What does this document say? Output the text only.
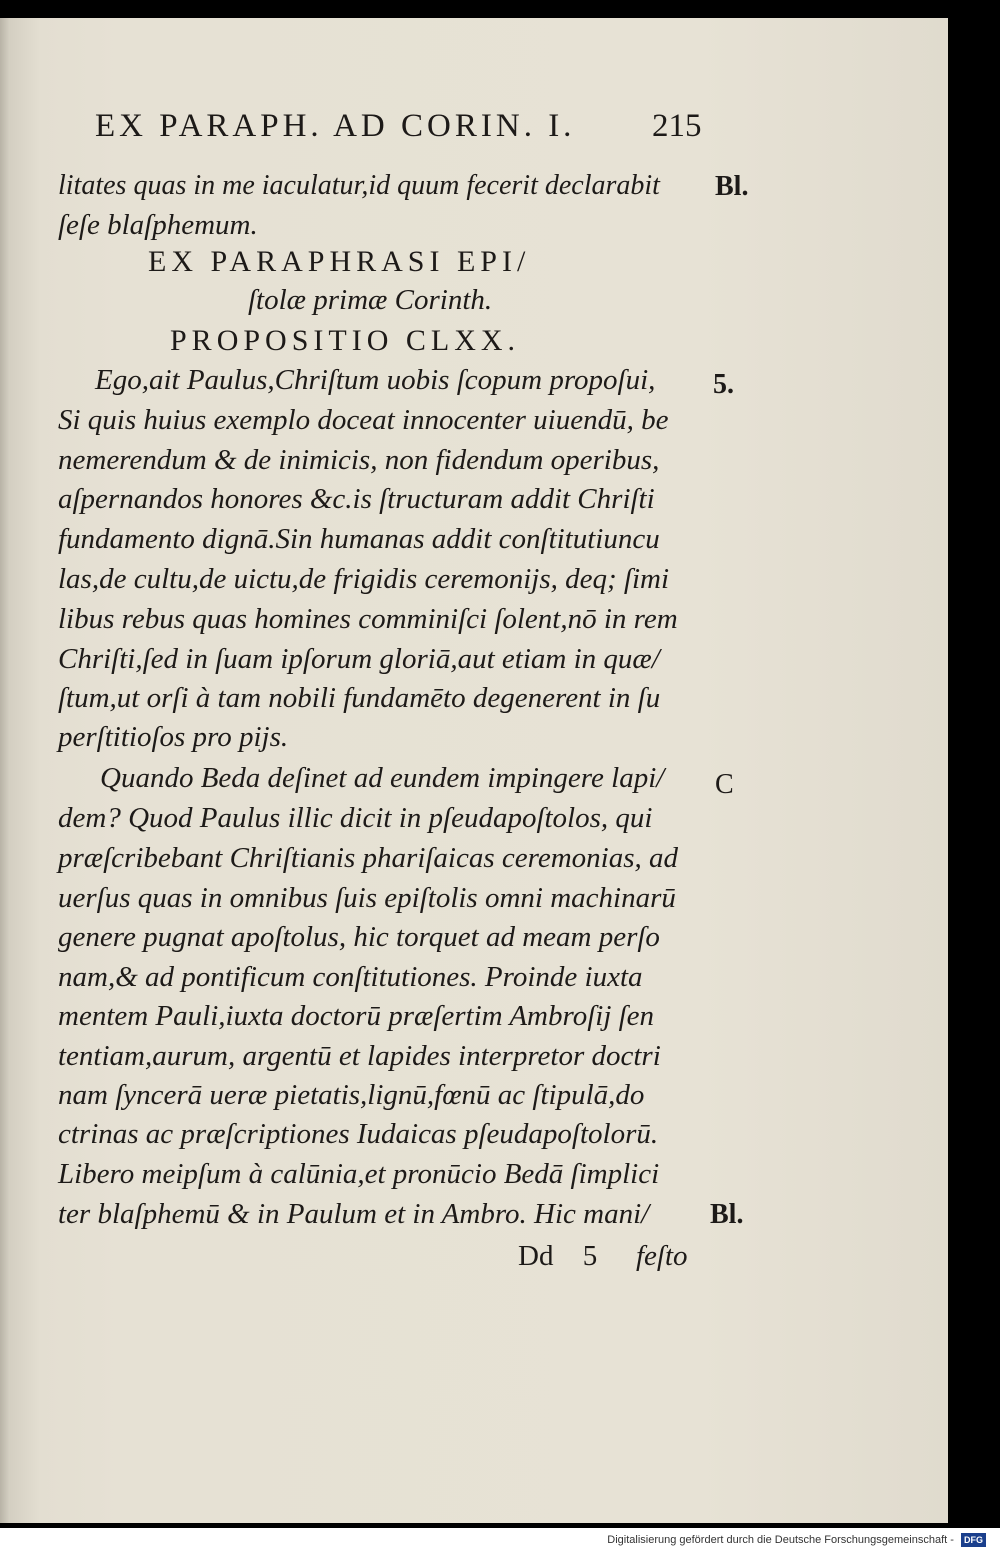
EX PARAPH. AD CORIN. I. 215
litates quas in me iaculatur,id quum fecerit declarabit
ſeſe blaſphemum.
EX PARAPHRASI EPI/
ſtolæ primæ Corinth.
PROPOSITIO CLXX.
Ego,ait Paulus,Chriſtum uobis ſcopum propoſui,
Si quis huius exemplo doceat innocenter uiuendū, be
nemerendum & de inimicis, non fidendum operibus,
aſpernandos honores &c.is ſtructuram addit Chriſti
fundamento dignā.Sin humanas addit conſtitutiuncu
las,de cultu,de uictu,de frigidis ceremonijs, deq; ſimi
libus rebus quas homines comminiſci ſolent,nō in rem
Chriſti,ſed in ſuam ipſorum gloriā,aut etiam in quæ/
ſtum,ut orſi à tam nobili fundamēto degenerent in ſu
perſtitioſos pro pijs.
Quando Beda deſinet ad eundem impingere lapi/
dem? Quod Paulus illic dicit in pſeudapoſtolos, qui
præſcribebant Chriſtianis phariſaicas ceremonias, ad
uerſus quas in omnibus ſuis epiſtolis omni machinarū
genere pugnat apoſtolus, hic torquet ad meam perſo
nam,& ad pontificum conſtitutiones. Proinde iuxta
mentem Pauli,iuxta doctorū præſertim Ambroſij ſen
tentiam,aurum, argentū et lapides interpretor doctri
nam ſyncerā ueræ pietatis,lignū,fœnū ac ſtipulā,do
ctrinas ac præſcriptiones Iudaicas pſeudapoſtolorū.
Libero meipſum à calūnia,et pronūcio Bedā ſimplici
ter blaſphemū & in Paulum et in Ambro. Hic mani/
Dd 5 feſto
Bl.
5.
C
Bl.
Digitalisierung gefördert durch die Deutsche Forschungsgemeinschaft - DFG
